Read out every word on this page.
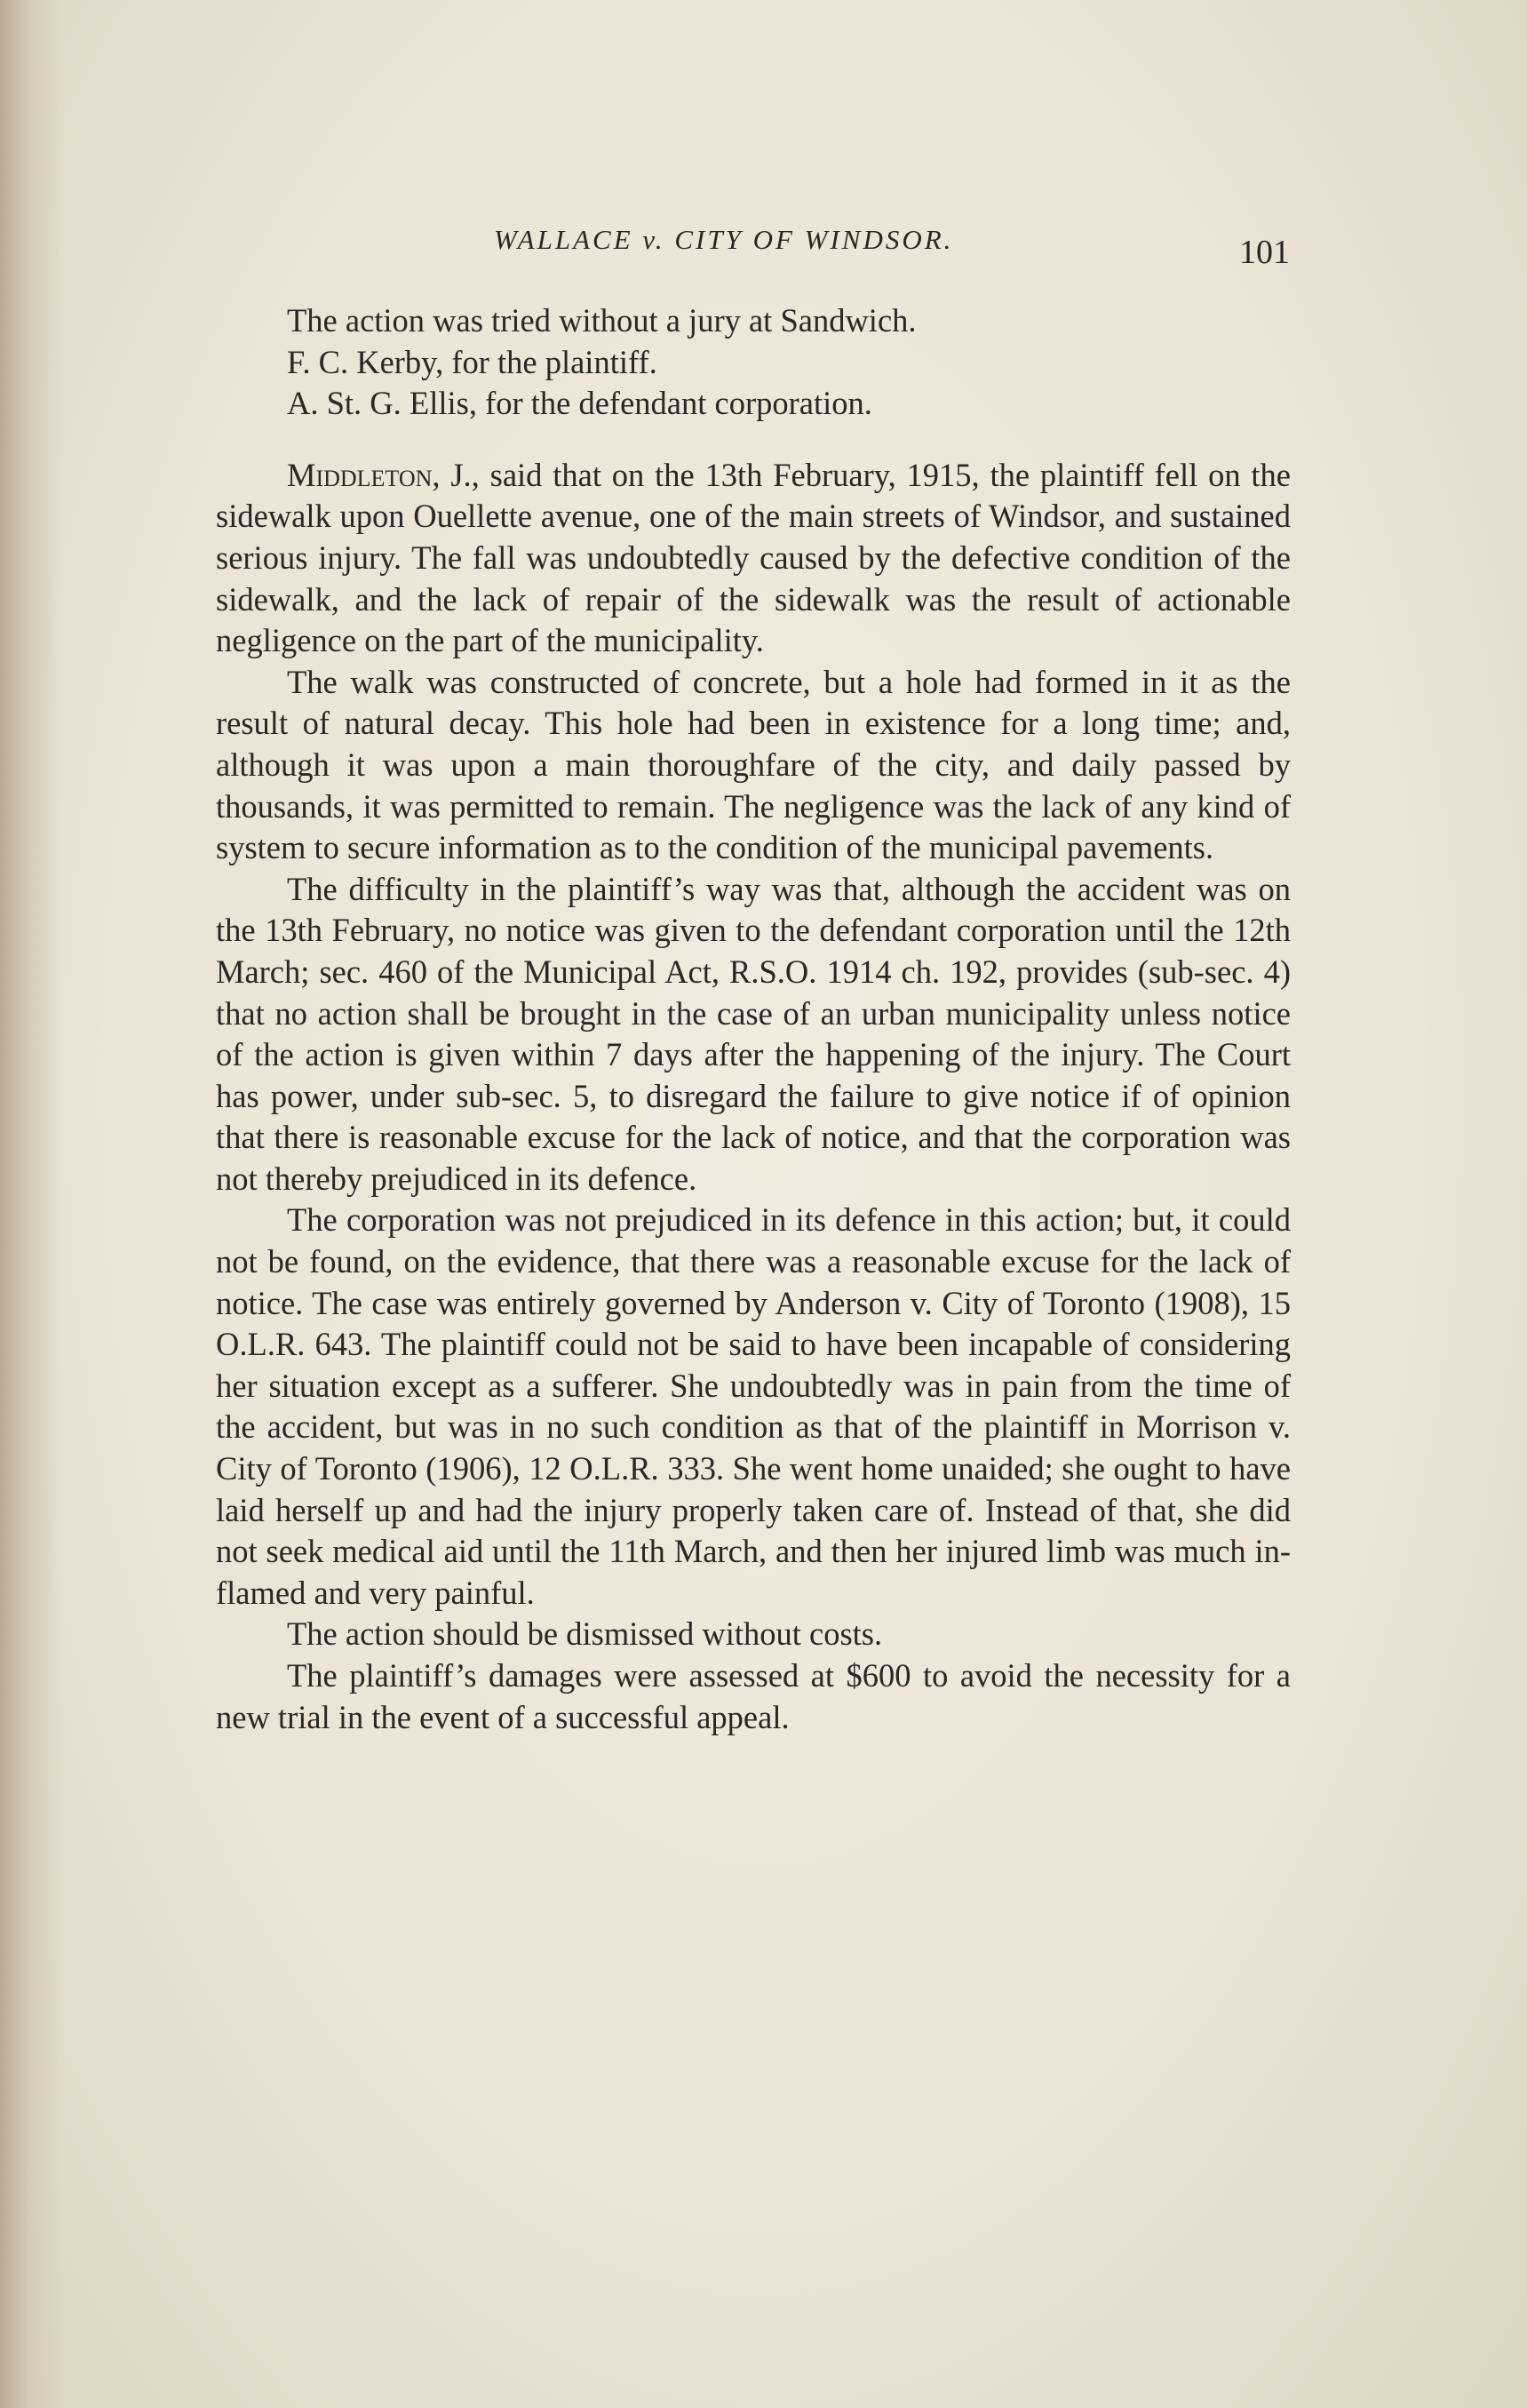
WALLACE v. CITY OF WINDSOR.	101

The action was tried without a jury at Sandwich.

F. C. Kerby, for the plaintiff.

A. St. G. Ellis, for the defendant corporation.

Middleton, J., said that on the 13th February, 1915, the plaintiff fell on the sidewalk upon Ouellette avenue, one of the main streets of Windsor, and sustained serious injury. The fall was undoubtedly caused by the defective condition of the sidewalk, and the lack of repair of the sidewalk was the result of actionable negligence on the part of the municipality.

The walk was constructed of concrete, but a hole had formed in it as the result of natural decay. This hole had been in existence for a long time; and, although it was upon a main thoroughfare of the city, and daily passed by thousands, it was permitted to remain. The negligence was the lack of any kind of system to secure information as to the condition of the municipal pavements.

The difficulty in the plaintiff’s way was that, although the accident was on the 13th February, no notice was given to the defendant corporation until the 12th March; sec. 460 of the Municipal Act, R.S.O. 1914 ch. 192, provides (sub-sec. 4) that no action shall be brought in the case of an urban municipality unless notice of the action is given within 7 days after the happening of the injury. The Court has power, under sub-sec. 5, to disregard the failure to give notice if of opinion that there is reasonable excuse for the lack of notice, and that the corporation was not thereby prejudiced in its defence.

The corporation was not prejudiced in its defence in this action; but, it could not be found, on the evidence, that there was a reasonable excuse for the lack of notice. The case was entirely governed by Anderson v. City of Toronto (1908), 15 O.L.R. 643. The plaintiff could not be said to have been incapable of considering her situation except as a sufferer. She undoubtedly was in pain from the time of the accident, but was in no such condition as that of the plaintiff in Morrison v. City of Toronto (1906), 12 O.L.R. 333. She went home unaided; she ought to have laid herself up and had the injury properly taken care of. Instead of that, she did not seek medical aid until the 11th March, and then her injured limb was much inflamed and very painful.

The action should be dismissed without costs.

The plaintiff’s damages were assessed at $600 to avoid the necessity for a new trial in the event of a successful appeal.
